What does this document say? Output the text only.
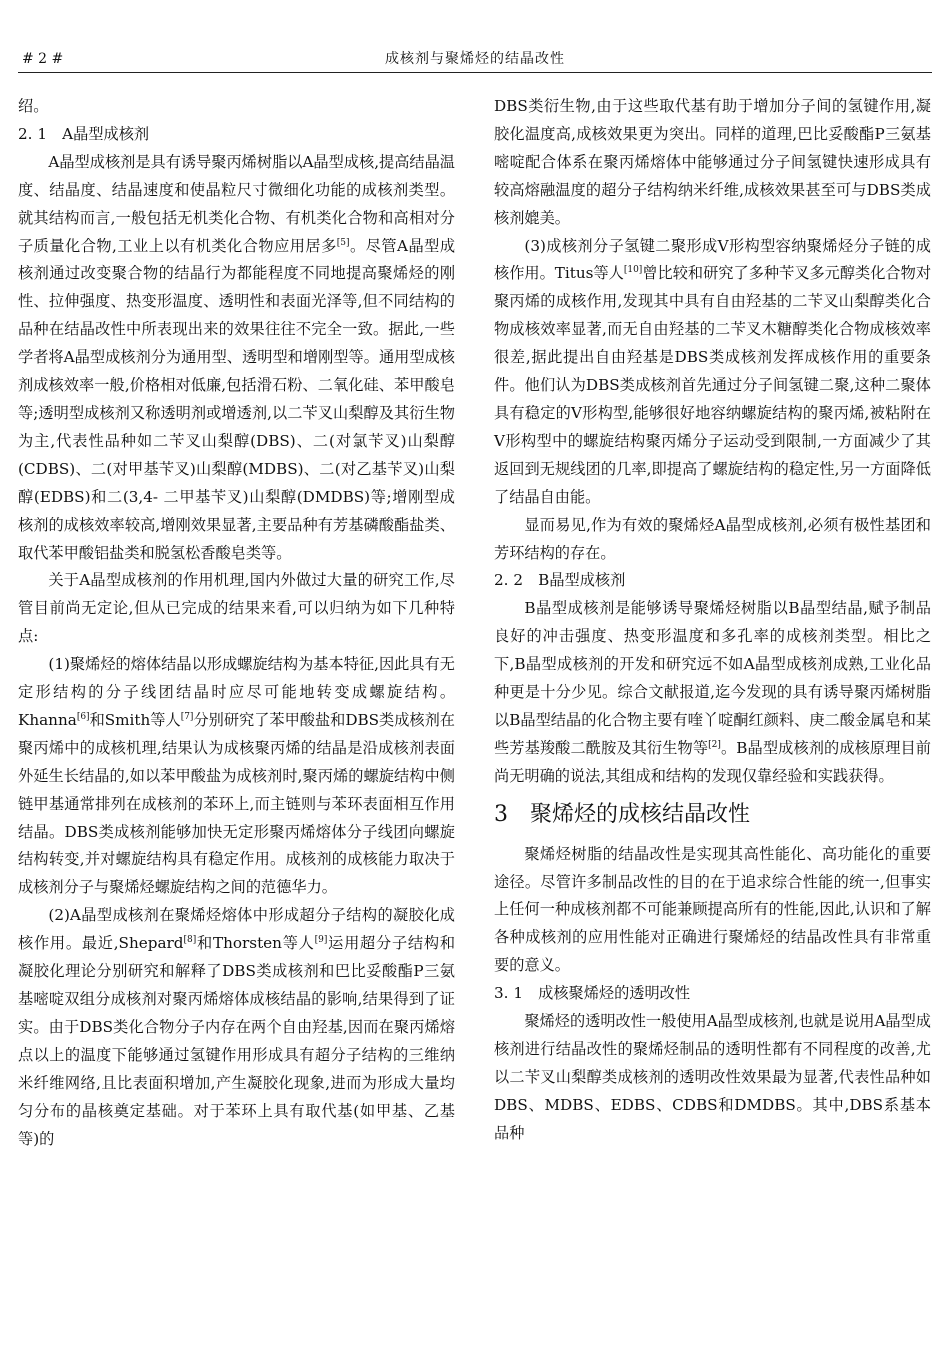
# 2 #	成核剂与聚烯烃的结晶改性

绍。

2. 1　A晶型成核剂

A晶型成核剂是具有诱导聚丙烯树脂以A晶型成核,提高结晶温度、结晶度、结晶速度和使晶粒尺寸微细化功能的成核剂类型。就其结构而言,一般包括无机类化合物、有机类化合物和高相对分子质量化合物,工业上以有机类化合物应用居多[5]。尽管A晶型成核剂通过改变聚合物的结晶行为都能程度不同地提高聚烯烃的刚性、拉伸强度、热变形温度、透明性和表面光泽等,但不同结构的品种在结晶改性中所表现出来的效果往往不完全一致。据此,一些学者将A晶型成核剂分为通用型、透明型和增刚型等。通用型成核剂成核效率一般,价格相对低廉,包括滑石粉、二氧化硅、苯甲酸皂等;透明型成核剂又称透明剂或增透剂,以二苄叉山梨醇及其衍生物为主,代表性品种如二苄叉山梨醇(DBS)、二(对氯苄叉)山梨醇(CDBS)、二(对甲基苄叉)山梨醇(MDBS)、二(对乙基苄叉)山梨醇(EDBS)和二(3,4- 二甲基苄叉)山梨醇(DMDBS)等;增刚型成核剂的成核效率较高,增刚效果显著,主要品种有芳基磷酸酯盐类、取代苯甲酸铝盐类和脱氢松香酸皂类等。

关于A晶型成核剂的作用机理,国内外做过大量的研究工作,尽管目前尚无定论,但从已完成的结果来看,可以归纳为如下几种特点:

(1)聚烯烃的熔体结晶以形成螺旋结构为基本特征,因此具有无定形结构的分子线团结晶时应尽可能地转变成螺旋结构。Khanna[6]和Smith等人[7]分别研究了苯甲酸盐和DBS类成核剂在聚丙烯中的成核机理,结果认为成核聚丙烯的结晶是沿成核剂表面外延生长结晶的,如以苯甲酸盐为成核剂时,聚丙烯的螺旋结构中侧链甲基通常排列在成核剂的苯环上,而主链则与苯环表面相互作用结晶。DBS类成核剂能够加快无定形聚丙烯熔体分子线团向螺旋结构转变,并对螺旋结构具有稳定作用。成核剂的成核能力取决于成核剂分子与聚烯烃螺旋结构之间的范德华力。

(2)A晶型成核剂在聚烯烃熔体中形成超分子结构的凝胶化成核作用。最近,Shepard[8]和Thorsten等人[9]运用超分子结构和凝胶化理论分别研究和解释了DBS类成核剂和巴比妥酸酯P三氨基嘧啶双组分成核剂对聚丙烯熔体成核结晶的影响,结果得到了证实。由于DBS类化合物分子内存在两个自由羟基,因而在聚丙烯熔点以上的温度下能够通过氢键作用形成具有超分子结构的三维纳米纤维网络,且比表面积增加,产生凝胶化现象,进而为形成大量均匀分布的晶核奠定基础。对于苯环上具有取代基(如甲基、乙基等)的

DBS类衍生物,由于这些取代基有助于增加分子间的氢键作用,凝胶化温度高,成核效果更为突出。同样的道理,巴比妥酸酯P三氨基嘧啶配合体系在聚丙烯熔体中能够通过分子间氢键快速形成具有较高熔融温度的超分子结构纳米纤维,成核效果甚至可与DBS类成核剂媲美。

(3)成核剂分子氢键二聚形成V形构型容纳聚烯烃分子链的成核作用。Titus等人[10]曾比较和研究了多种苄叉多元醇类化合物对聚丙烯的成核作用,发现其中具有自由羟基的二苄叉山梨醇类化合物成核效率显著,而无自由羟基的二苄叉木糖醇类化合物成核效率很差,据此提出自由羟基是DBS类成核剂发挥成核作用的重要条件。他们认为DBS类成核剂首先通过分子间氢键二聚,这种二聚体具有稳定的V形构型,能够很好地容纳螺旋结构的聚丙烯,被粘附在V形构型中的螺旋结构聚丙烯分子运动受到限制,一方面减少了其返回到无规线团的几率,即提高了螺旋结构的稳定性,另一方面降低了结晶自由能。

显而易见,作为有效的聚烯烃A晶型成核剂,必须有极性基团和芳环结构的存在。

2. 2　B晶型成核剂

B晶型成核剂是能够诱导聚烯烃树脂以B晶型结晶,赋予制品良好的冲击强度、热变形温度和多孔率的成核剂类型。相比之下,B晶型成核剂的开发和研究远不如A晶型成核剂成熟,工业化品种更是十分少见。综合文献报道,迄今发现的具有诱导聚丙烯树脂以B晶型结晶的化合物主要有喹丫啶酮红颜料、庚二酸金属皂和某些芳基羧酸二酰胺及其衍生物等[2]。B晶型成核剂的成核原理目前尚无明确的说法,其组成和结构的发现仅靠经验和实践获得。

3　聚烯烃的成核结晶改性

聚烯烃树脂的结晶改性是实现其高性能化、高功能化的重要途径。尽管许多制品改性的目的在于追求综合性能的统一,但事实上任何一种成核剂都不可能兼顾提高所有的性能,因此,认识和了解各种成核剂的应用性能对正确进行聚烯烃的结晶改性具有非常重要的意义。

3. 1　成核聚烯烃的透明改性

聚烯烃的透明改性一般使用A晶型成核剂,也就是说用A晶型成核剂进行结晶改性的聚烯烃制品的透明性都有不同程度的改善,尤以二苄叉山梨醇类成核剂的透明改性效果最为显著,代表性品种如DBS、MDBS、EDBS、CDBS和DMDBS。其中,DBS系基本品种
